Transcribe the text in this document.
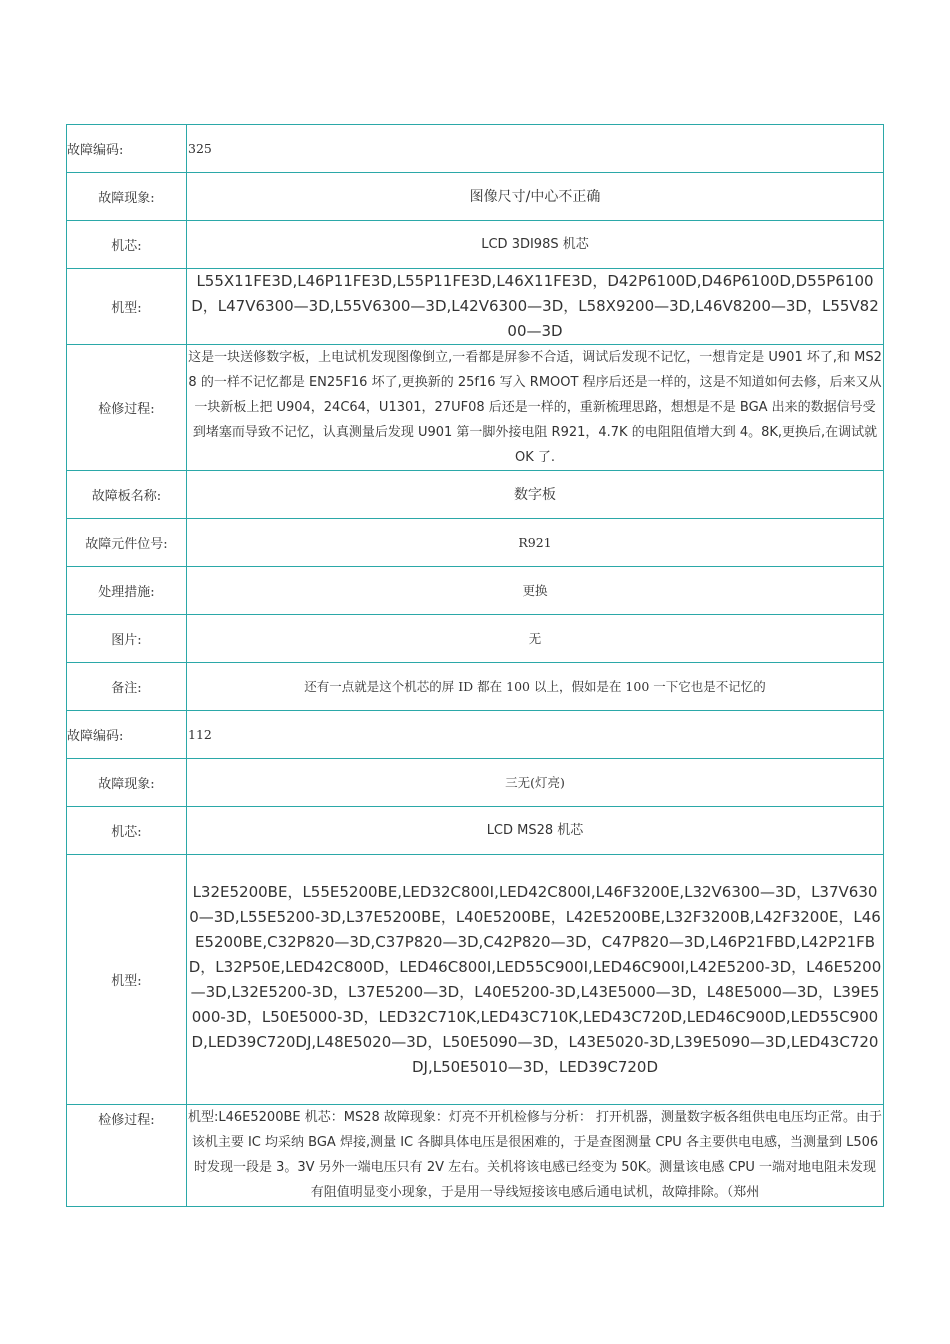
故障编码:	325
故障现象:	图像尺寸/中心不正确
机芯:	LCD 3DI98S 机芯
机型:	L55X11FE3D,L46P11FE3D,L55P11FE3D,L46X11FE3D，D42P6100D,D46P6100D,D55P6100D，L47V6300—3D,L55V6300—3D,L42V6300—3D，L58X9200—3D,L46V8200—3D，L55V8200—3D
检修过程:	这是一块送修数字板，上电试机发现图像倒立,一看都是屏参不合适，调试后发现不记忆，一想肯定是 U901 坏了,和 MS28 的一样不记忆都是 EN25F16 坏了,更换新的 25f16 写入 RMOOT 程序后还是一样的，这是不知道如何去修，后来又从一块新板上把 U904，24C64，U1301，27UF08 后还是一样的，重新梳理思路，想想是不是 BGA 出来的数据信号受到堵塞而导致不记忆，认真测量后发现 U901 第一脚外接电阻 R921，4.7K 的电阻阻值增大到 4。8K,更换后,在调试就 OK 了.
故障板名称:	数字板
故障元件位号:	R921
处理措施:	更换
图片:	无
备注:	还有一点就是这个机芯的屏 ID 都在 100 以上，假如是在 100 一下它也是不记忆的
故障编码:	112
故障现象:	三无(灯亮)
机芯:	LCD MS28 机芯
机型:	L32E5200BE，L55E5200BE,LED32C800I,LED42C800I,L46F3200E,L32V6300—3D，L37V6300—3D,L55E5200-3D,L37E5200BE，L40E5200BE，L42E5200BE,L32F3200B,L42F3200E，L46E5200BE,C32P820—3D,C37P820—3D,C42P820—3D，C47P820—3D,L46P21FBD,L42P21FBD，L32P50E,LED42C800D，LED46C800I,LED55C900I,LED46C900I,L42E5200-3D，L46E5200—3D,L32E5200-3D，L37E5200—3D，L40E5200-3D,L43E5000—3D，L48E5000—3D，L39E5000-3D，L50E5000-3D，LED32C710K,LED43C710K,LED43C720D,LED46C900D,LED55C900D,LED39C720DJ,L48E5020—3D，L50E5090—3D，L43E5020-3D,L39E5090—3D,LED43C720DJ,L50E5010—3D，LED39C720D
检修过程:	机型:L46E5200BE 机芯：MS28 故障现象：灯亮不开机检修与分析： 打开机器，测量数字板各组供电电压均正常。由于该机主要 IC 均采纳 BGA 焊接,测量 IC 各脚具体电压是很困难的，于是查图测量 CPU 各主要供电电感，当测量到 L506 时发现一段是 3。3V 另外一端电压只有 2V 左右。关机将该电感已经变为 50K。测量该电感 CPU 一端对地电阻未发现有阻值明显变小现象，于是用一导线短接该电感后通电试机，故障排除。（郑州
